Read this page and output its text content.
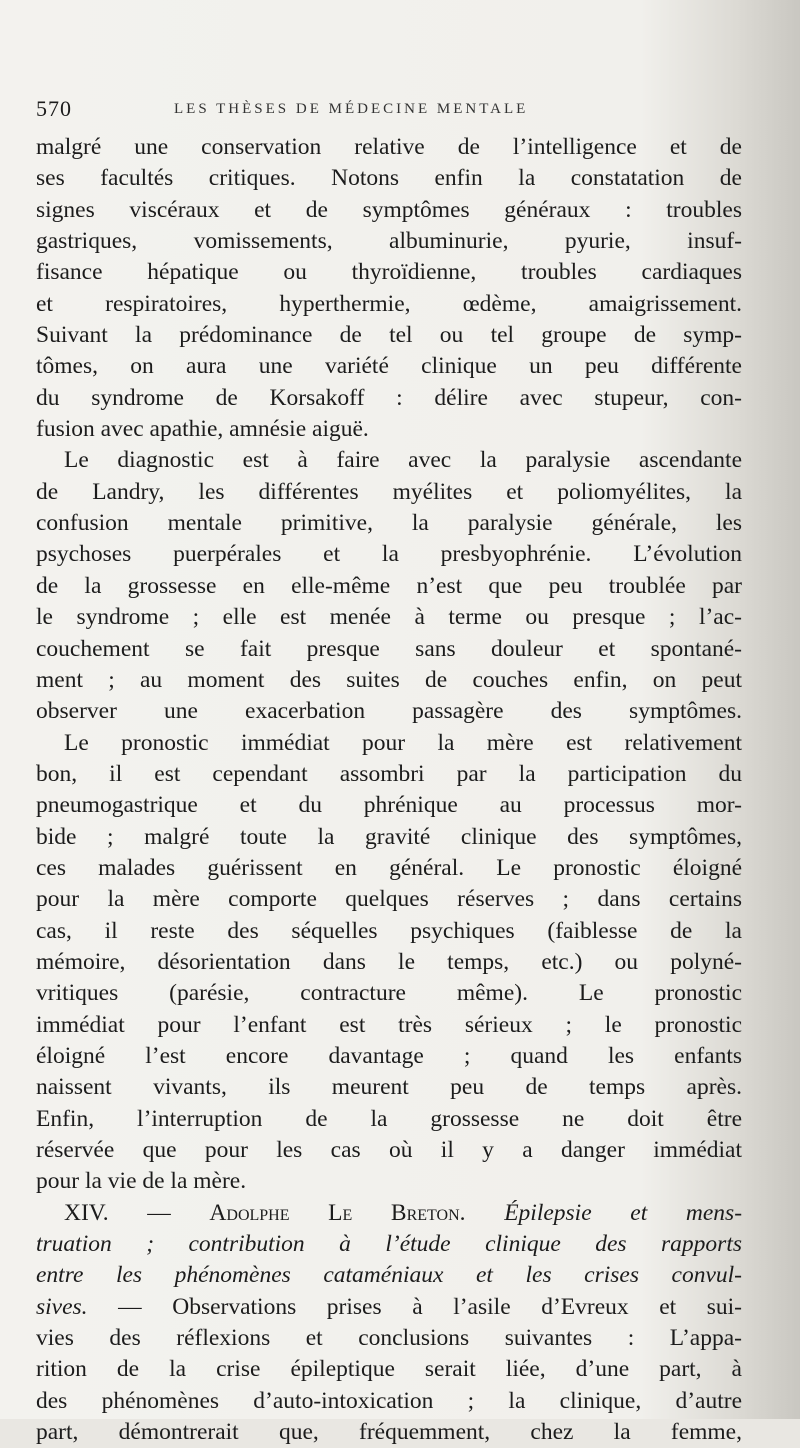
570	LES THÈSES DE MÉDECINE MENTALE
malgré une conservation relative de l’intelligence et de
ses facultés critiques. Notons enfin la constatation de
signes viscéraux et de symptômes généraux : troubles
gastriques, vomissements, albuminurie, pyurie, insuf-
fisance hépatique ou thyroïdienne, troubles cardiaques
et respiratoires, hyperthermie, œdème, amaigrissement.
Suivant la prédominance de tel ou tel groupe de symp-
tômes, on aura une variété clinique un peu différente
du syndrome de Korsakoff : délire avec stupeur, con-
fusion avec apathie, amnésie aiguë.
Le diagnostic est à faire avec la paralysie ascendante
de Landry, les différentes myélites et poliomyélites, la
confusion mentale primitive, la paralysie générale, les
psychoses puerpérales et la presbyophrénie. L’évolution
de la grossesse en elle-même n’est que peu troublée par
le syndrome ; elle est menée à terme ou presque ; l’ac-
couchement se fait presque sans douleur et spontané-
ment ; au moment des suites de couches enfin, on peut
observer une exacerbation passagère des symptômes.
Le pronostic immédiat pour la mère est relativement
bon, il est cependant assombri par la participation du
pneumogastrique et du phrénique au processus mor-
bide ; malgré toute la gravité clinique des symptômes,
ces malades guérissent en général. Le pronostic éloigné
pour la mère comporte quelques réserves ; dans certains
cas, il reste des séquelles psychiques (faiblesse de la
mémoire, désorientation dans le temps, etc.) ou polyné-
vritiques (parésie, contracture même). Le pronostic
immédiat pour l’enfant est très sérieux ; le pronostic
éloigné l’est encore davantage ; quand les enfants
naissent vivants, ils meurent peu de temps après.
Enfin, l’interruption de la grossesse ne doit être
réservée que pour les cas où il y a danger immédiat
pour la vie de la mère.
XIV. — Adolphe Le Breton. Épilepsie et mens-
truation ; contribution à l’étude clinique des rapports
entre les phénomènes cataméniaux et les crises convul-
sives. — Observations prises à l’asile d’Evreux et sui-
vies des réflexions et conclusions suivantes : L’appa-
rition de la crise épileptique serait liée, d’une part, à
des phénomènes d’auto-intoxication ; la clinique, d’autre
part, démontrerait que, fréquemment, chez la femme,
